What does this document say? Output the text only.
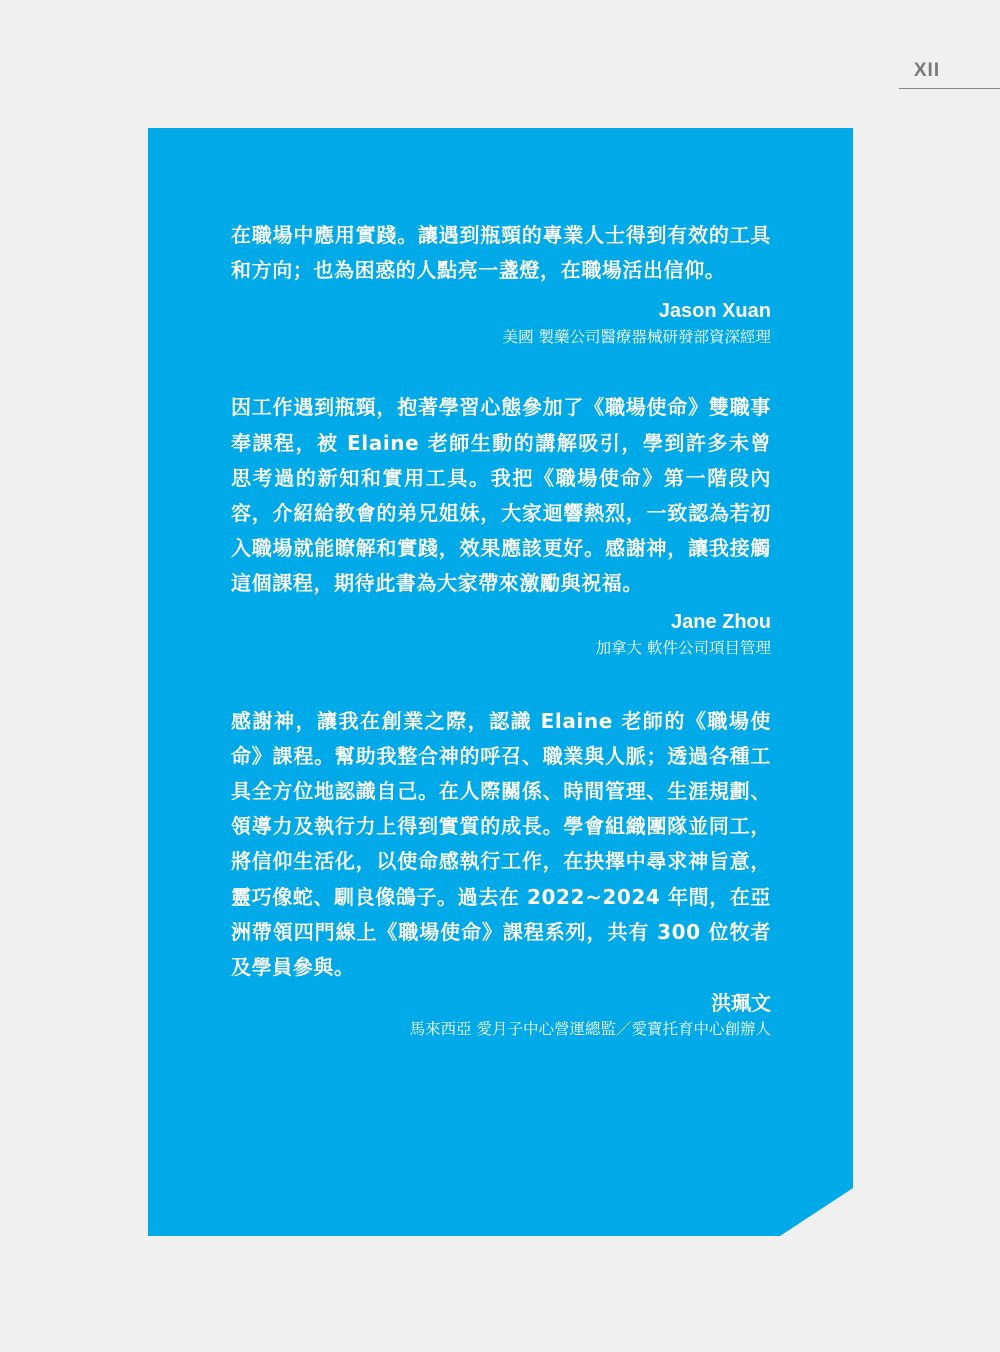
XII

在職場中應用實踐。讓遇到瓶頸的專業人士得到有效的工具和方向；也為困惑的人點亮一盞燈，在職場活出信仰。

Jason Xuan
美國 製藥公司醫療器械研發部資深經理

因工作遇到瓶頸，抱著學習心態參加了《職場使命》雙職事奉課程，被 Elaine 老師生動的講解吸引，學到許多未曾思考過的新知和實用工具。我把《職場使命》第一階段內容，介紹給教會的弟兄姐妹，大家迴響熱烈，一致認為若初入職場就能瞭解和實踐，效果應該更好。感謝神，讓我接觸這個課程，期待此書為大家帶來激勵與祝福。

Jane Zhou
加拿大 軟件公司項目管理

感謝神，讓我在創業之際，認識 Elaine 老師的《職場使命》課程。幫助我整合神的呼召、職業與人脈；透過各種工具全方位地認識自己。在人際關係、時間管理、生涯規劃、領導力及執行力上得到實質的成長。學會組織團隊並同工，將信仰生活化，以使命感執行工作，在抉擇中尋求神旨意，靈巧像蛇、馴良像鴿子。過去在 2022~2024 年間，在亞洲帶領四門線上《職場使命》課程系列，共有 300 位牧者及學員參與。

洪珮文
馬來西亞 愛月子中心營運總監／愛寶托育中心創辦人
